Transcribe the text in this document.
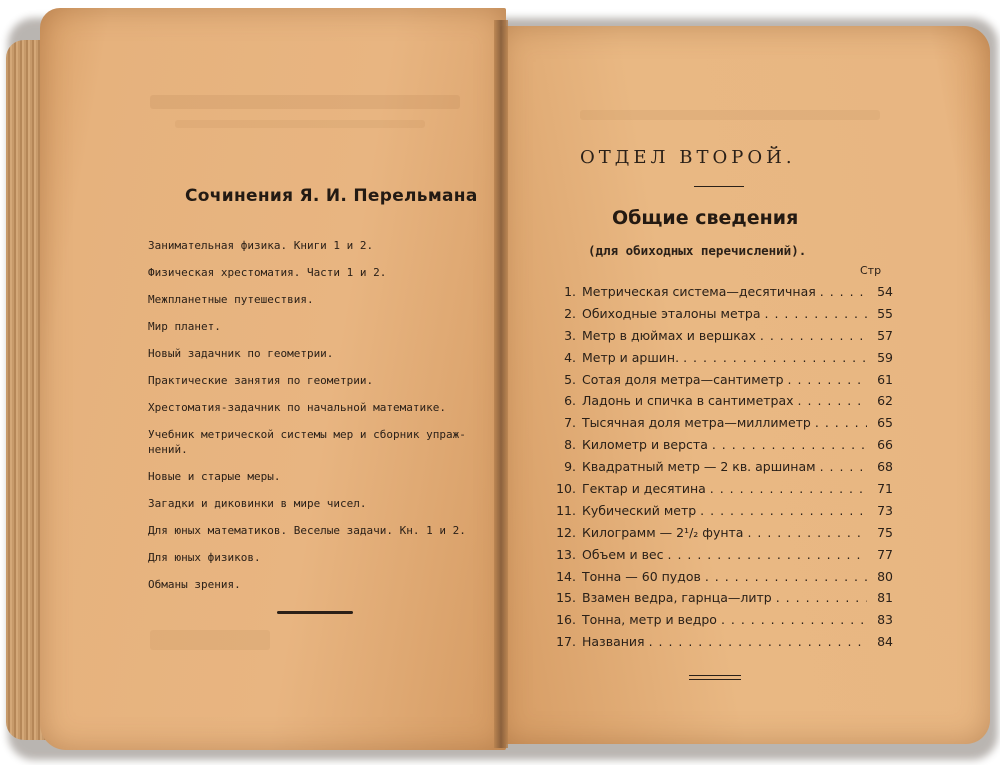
Сочинения Я. И. Перельмана
Занимательная физика. Книги 1 и 2.
Физическая хрестоматия. Части 1 и 2.
Межпланетные путешествия.
Мир планет.
Новый задачник по геометрии.
Практические занятия по геометрии.
Хрестоматия-задачник по начальной математике.
Учебник метрической системы мер и сборник упраж-
нений.
Новые и старые меры.
Загадки и диковинки в мире чисел.
Для юных математиков. Веселые задачи. Кн. 1 и 2.
Для юных физиков.
Обманы зрения.
ОТДЕЛ ВТОРОЙ.
Общие сведения
(для обиходных перечислений).
Стр
1. Метрическая система—десятичная . . .	54
2. Обиходные эталоны метра . . .	55
3. Метр в дюймах и вершках . . .	57
4. Метр и аршин. . . .	59
5. Сотая доля метра—сантиметр . . .	61
6. Ладонь и спичка в сантиметрах . . .	62
7. Тысячная доля метра—миллиметр . . .	65
8. Километр и верста . . .	66
9. Квадратный метр — 2 кв. аршинам . . .	68
10. Гектар и десятина . . .	71
11. Кубический метр . . .	73
12. Килограмм — 2¹/₂ фунта . . .	75
13. Объем и вес . . .	77
14. Тонна — 60 пудов . . .	80
15. Взамен ведра, гарнца—литр . . .	81
16. Тонна, метр и ведро . . .	83
17. Названия . . .	84
